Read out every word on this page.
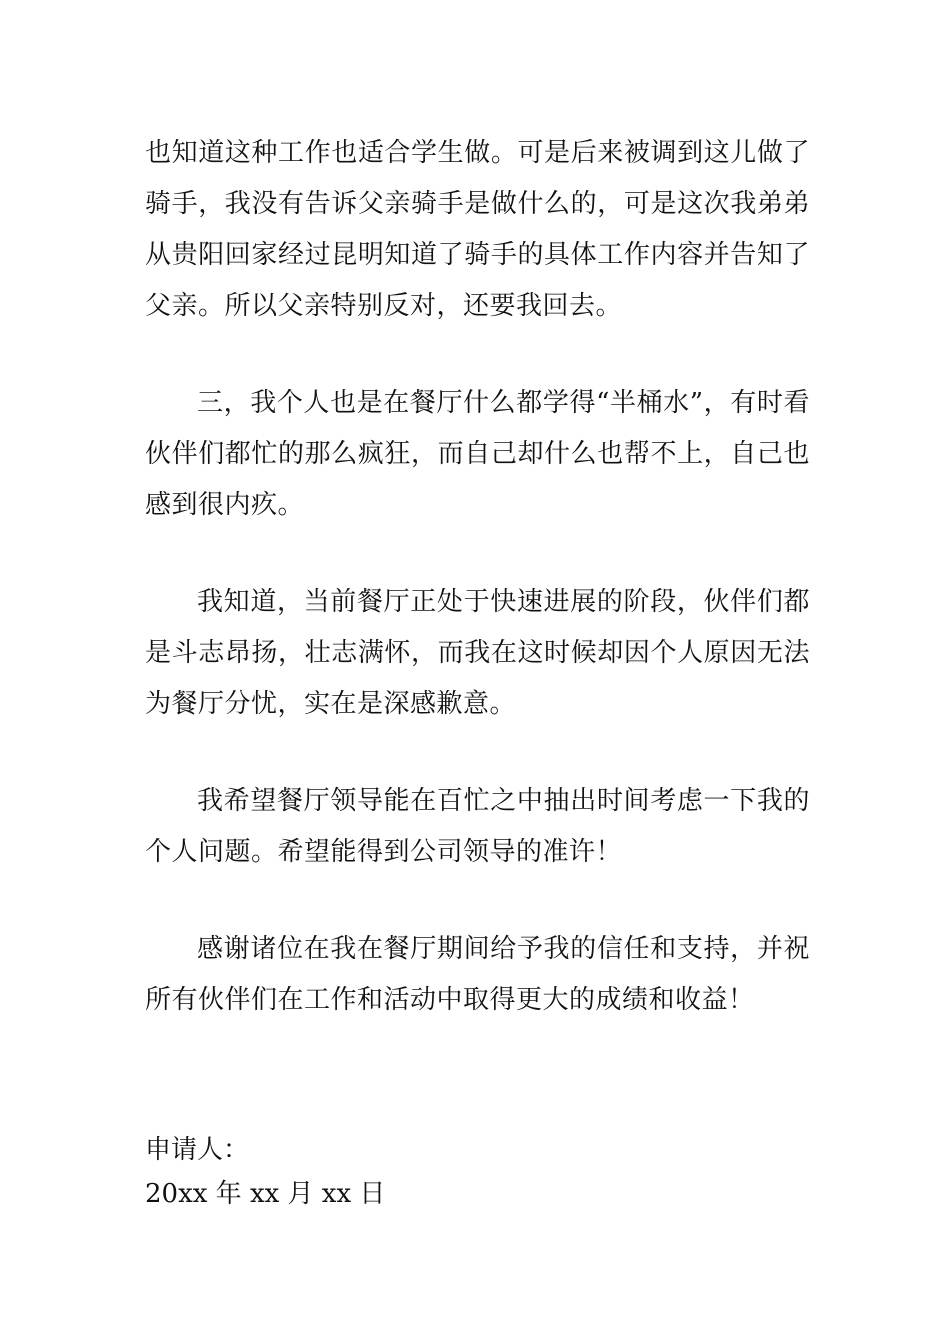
也知道这种工作也适合学生做。可是后来被调到这儿做了骑手，我没有告诉父亲骑手是做什么的，可是这次我弟弟从贵阳回家经过昆明知道了骑手的具体工作内容并告知了父亲。所以父亲特别反对，还要我回去。

三，我个人也是在餐厅什么都学得“半桶水”，有时看伙伴们都忙的那么疯狂，而自己却什么也帮不上，自己也感到很内疚。

我知道，当前餐厅正处于快速进展的阶段，伙伴们都是斗志昂扬，壮志满怀，而我在这时候却因个人原因无法为餐厅分忧，实在是深感歉意。

我希望餐厅领导能在百忙之中抽出时间考虑一下我的个人问题。希望能得到公司领导的准许！

感谢诸位在我在餐厅期间给予我的信任和支持，并祝所有伙伴们在工作和活动中取得更大的成绩和收益！

申请人：
20xx 年 xx 月 xx 日
